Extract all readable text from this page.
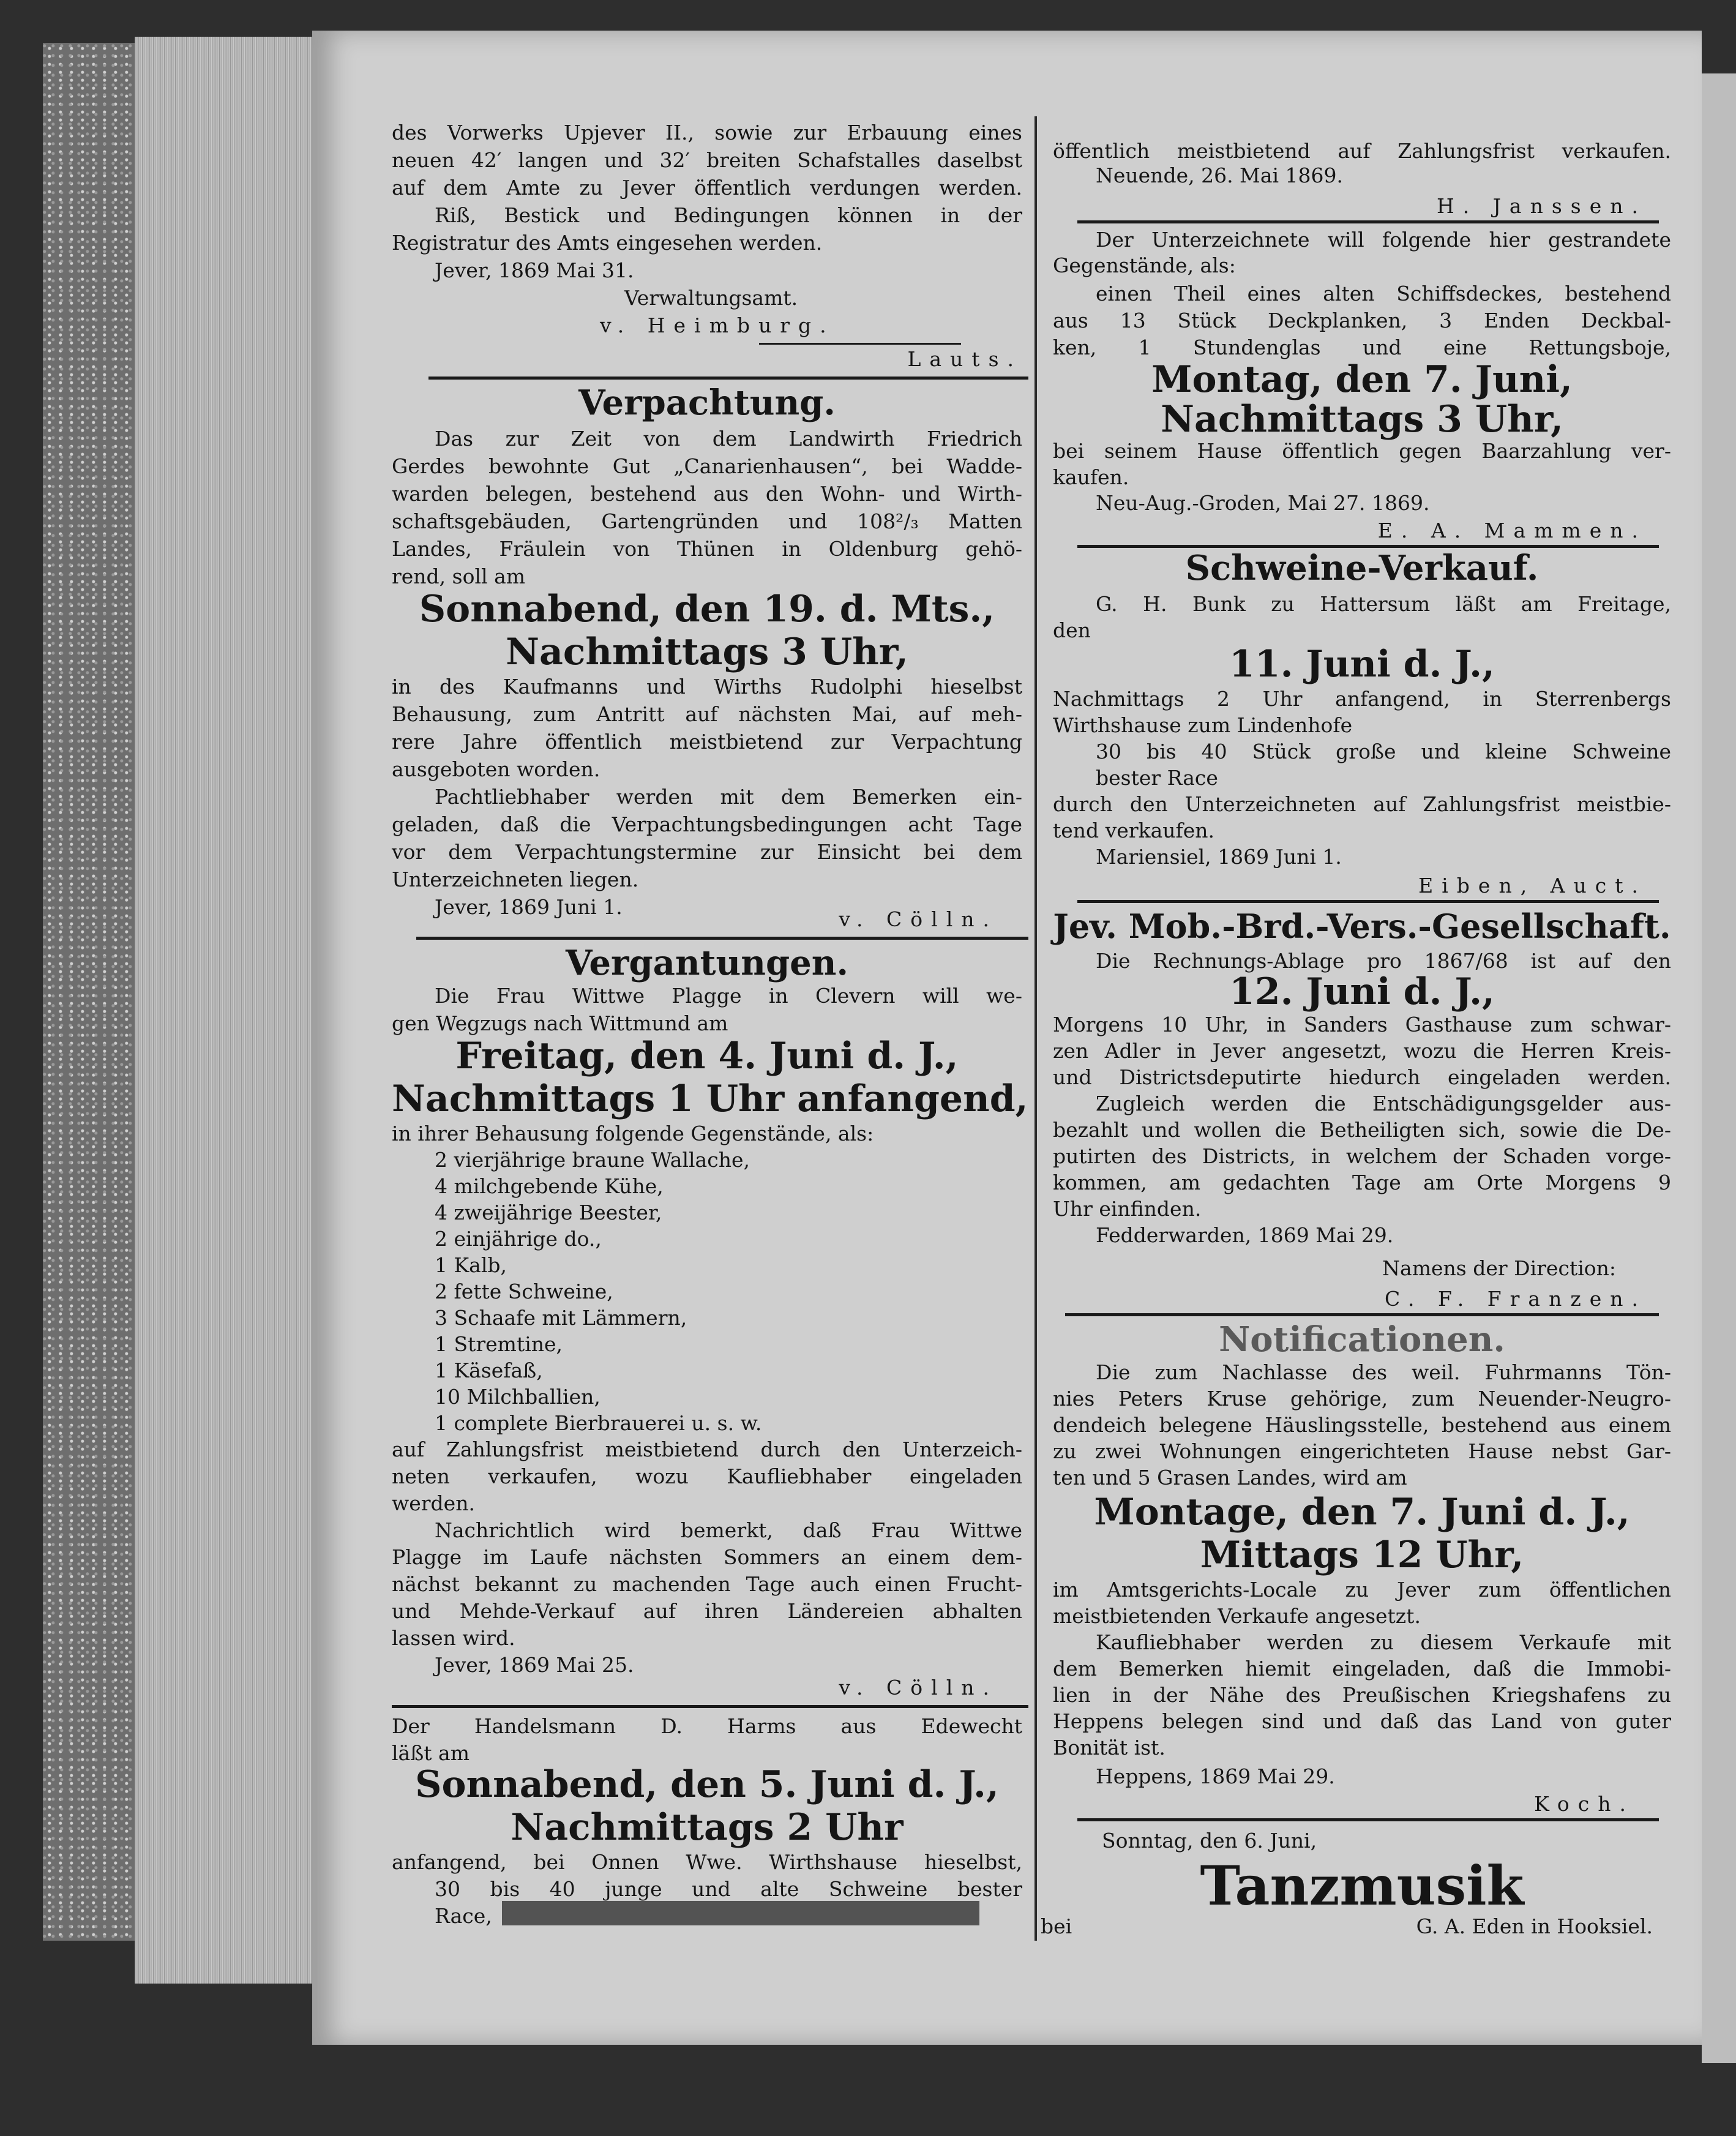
des Vorwerks Upjever II., sowie zur Erbauung eines
neuen 42′ langen und 32′ breiten Schafstalles daselbst
auf dem Amte zu Jever öffentlich verdungen werden.
Riß, Bestick und Bedingungen können in der
Registratur des Amts eingesehen werden.
Jever, 1869 Mai 31.
Verwaltungsamt.
v. Heimburg.
Lauts.
Verpachtung.
Das zur Zeit von dem Landwirth Friedrich
Gerdes bewohnte Gut „Canarienhausen“, bei Wadde-
warden belegen, bestehend aus den Wohn- und Wirth-
schaftsgebäuden, Gartengründen und 108²/₃ Matten
Landes, Fräulein von Thünen in Oldenburg gehö-
rend, soll am
Sonnabend, den 19. d. Mts.,
Nachmittags 3 Uhr,
in des Kaufmanns und Wirths Rudolphi hieselbst
Behausung, zum Antritt auf nächsten Mai, auf meh-
rere Jahre öffentlich meistbietend zur Verpachtung
ausgeboten worden.
Pachtliebhaber werden mit dem Bemerken ein-
geladen, daß die Verpachtungsbedingungen acht Tage
vor dem Verpachtungstermine zur Einsicht bei dem
Unterzeichneten liegen.
Jever, 1869 Juni 1.
v. Cölln.
Vergantungen.
Die Frau Wittwe Plagge in Clevern will we-
gen Wegzugs nach Wittmund am
Freitag, den 4. Juni d. J.,
Nachmittags 1 Uhr anfangend,
in ihrer Behausung folgende Gegenstände, als:
2 vierjährige braune Wallache,
4 milchgebende Kühe,
4 zweijährige Beester,
2 einjährige do.,
1 Kalb,
2 fette Schweine,
3 Schaafe mit Lämmern,
1 Stremtine,
1 Käsefaß,
10 Milchballien,
1 complete Bierbrauerei u. s. w.
auf Zahlungsfrist meistbietend durch den Unterzeich-
neten verkaufen, wozu Kaufliebhaber eingeladen
werden.
Nachrichtlich wird bemerkt, daß Frau Wittwe
Plagge im Laufe nächsten Sommers an einem dem-
nächst bekannt zu machenden Tage auch einen Frucht-
und Mehde-Verkauf auf ihren Ländereien abhalten
lassen wird.
Jever, 1869 Mai 25.
v. Cölln.
Der Handelsmann D. Harms aus Edewecht
läßt am
Sonnabend, den 5. Juni d. J.,
Nachmittags 2 Uhr
anfangend, bei Onnen Wwe. Wirthshause hieselbst,
30 bis 40 junge und alte Schweine bester
Race,
öffentlich meistbietend auf Zahlungsfrist verkaufen.
Neuende, 26. Mai 1869.
H. Janssen.
Der Unterzeichnete will folgende hier gestrandete
Gegenstände, als:
einen Theil eines alten Schiffsdeckes, bestehend
aus 13 Stück Deckplanken, 3 Enden Deckbal-
ken, 1 Stundenglas und eine Rettungsboje,
Montag, den 7. Juni,
Nachmittags 3 Uhr,
bei seinem Hause öffentlich gegen Baarzahlung ver-
kaufen.
Neu-Aug.-Groden, Mai 27. 1869.
E. A. Mammen.
Schweine-Verkauf.
G. H. Bunk zu Hattersum läßt am Freitage,
den
11. Juni d. J.,
Nachmittags 2 Uhr anfangend, in Sterrenbergs
Wirthshause zum Lindenhofe
30 bis 40 Stück große und kleine Schweine
bester Race
durch den Unterzeichneten auf Zahlungsfrist meistbie-
tend verkaufen.
Mariensiel, 1869 Juni 1.
Eiben, Auct.
Jev. Mob.-Brd.-Vers.-Gesellschaft.
Die Rechnungs-Ablage pro 1867/68 ist auf den
12. Juni d. J.,
Morgens 10 Uhr, in Sanders Gasthause zum schwar-
zen Adler in Jever angesetzt, wozu die Herren Kreis-
und Districtsdeputirte hiedurch eingeladen werden.
Zugleich werden die Entschädigungsgelder aus-
bezahlt und wollen die Betheiligten sich, sowie die De-
putirten des Districts, in welchem der Schaden vorge-
kommen, am gedachten Tage am Orte Morgens 9
Uhr einfinden.
Fedderwarden, 1869 Mai 29.
Namens der Direction:
C. F. Franzen.
Notificationen.
Die zum Nachlasse des weil. Fuhrmanns Tön-
nies Peters Kruse gehörige, zum Neuender-Neugro-
dendeich belegene Häuslingsstelle, bestehend aus einem
zu zwei Wohnungen eingerichteten Hause nebst Gar-
ten und 5 Grasen Landes, wird am
Montage, den 7. Juni d. J.,
Mittags 12 Uhr,
im Amtsgerichts-Locale zu Jever zum öffentlichen
meistbietenden Verkaufe angesetzt.
Kaufliebhaber werden zu diesem Verkaufe mit
dem Bemerken hiemit eingeladen, daß die Immobi-
lien in der Nähe des Preußischen Kriegshafens zu
Heppens belegen sind und daß das Land von guter
Bonität ist.
Heppens, 1869 Mai 29.
Koch.
Sonntag, den 6. Juni,
Tanzmusik
bei	G. A. Eden in Hooksiel.
